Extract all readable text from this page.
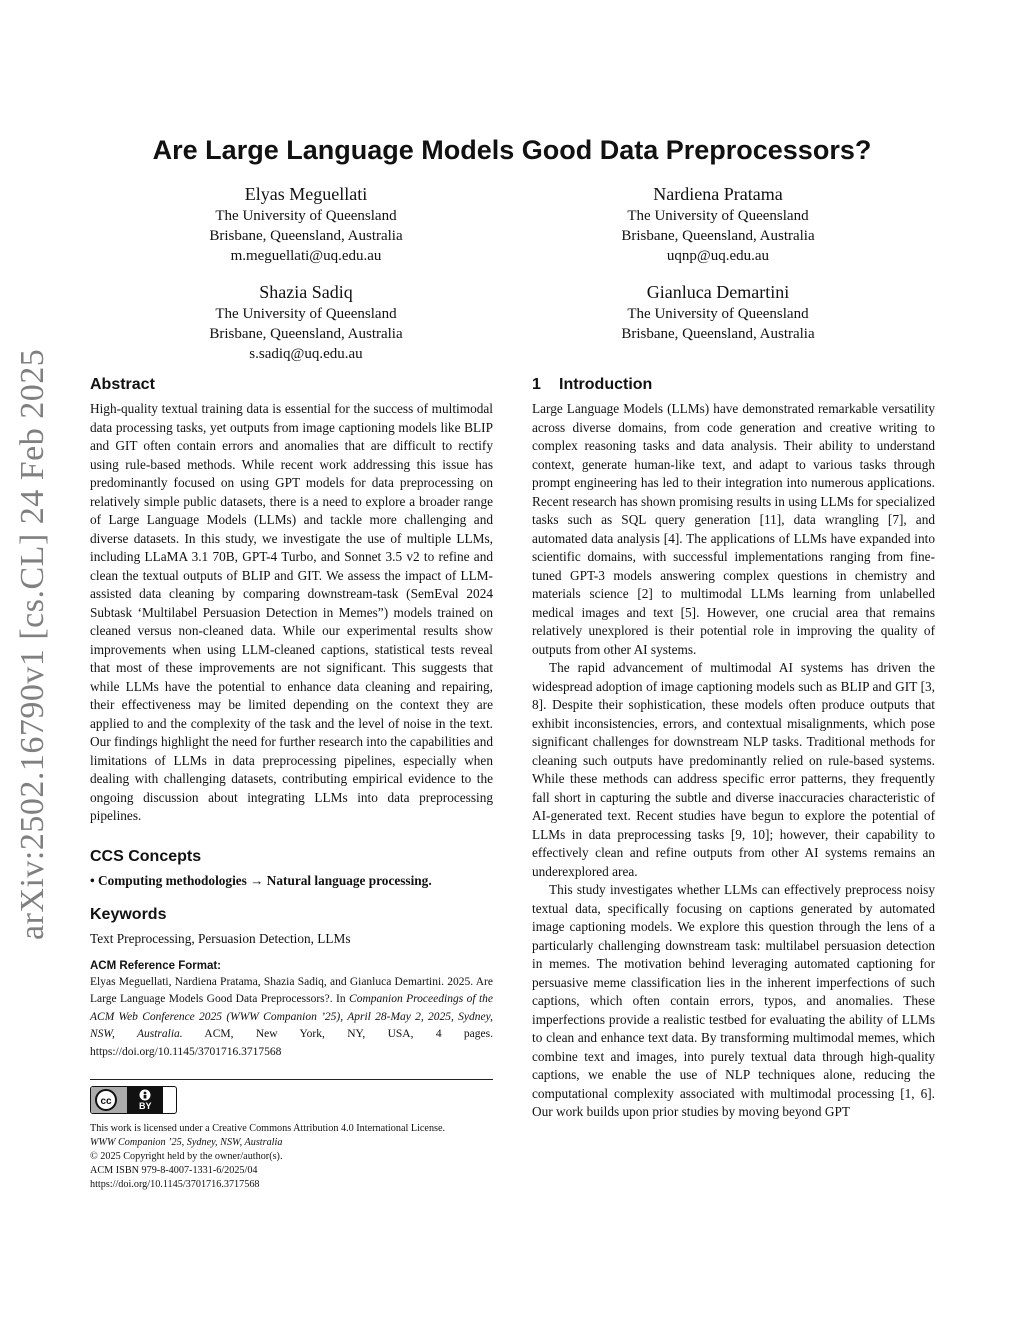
arXiv:2502.16790v1 [cs.CL] 24 Feb 2025
Are Large Language Models Good Data Preprocessors?
Elyas Meguellati
The University of Queensland
Brisbane, Queensland, Australia
m.meguellati@uq.edu.au
Nardiena Pratama
The University of Queensland
Brisbane, Queensland, Australia
uqnp@uq.edu.au
Shazia Sadiq
The University of Queensland
Brisbane, Queensland, Australia
s.sadiq@uq.edu.au
Gianluca Demartini
The University of Queensland
Brisbane, Queensland, Australia
Abstract

High-quality textual training data is essential for the success of multimodal data processing tasks, yet outputs from image captioning models like BLIP and GIT often contain errors and anomalies that are difficult to rectify using rule-based methods. While recent work addressing this issue has predominantly focused on using GPT models for data preprocessing on relatively simple public datasets, there is a need to explore a broader range of Large Language Models (LLMs) and tackle more challenging and diverse datasets. In this study, we investigate the use of multiple LLMs, including LLaMA 3.1 70B, GPT-4 Turbo, and Sonnet 3.5 v2 to refine and clean the textual outputs of BLIP and GIT. We assess the impact of LLM-assisted data cleaning by comparing downstream-task (SemEval 2024 Subtask ‘Multilabel Persuasion Detection in Memes”) models trained on cleaned versus non-cleaned data. While our experimental results show improvements when using LLM-cleaned captions, statistical tests reveal that most of these improvements are not significant. This suggests that while LLMs have the potential to enhance data cleaning and repairing, their effectiveness may be limited depending on the context they are applied to and the complexity of the task and the level of noise in the text. Our findings highlight the need for further research into the capabilities and limitations of LLMs in data preprocessing pipelines, especially when dealing with challenging datasets, contributing empirical evidence to the ongoing discussion about integrating LLMs into data preprocessing pipelines.

CCS Concepts
• Computing methodologies → Natural language processing.
Keywords
Text Preprocessing, Persuasion Detection, LLMs
ACM Reference Format:
Elyas Meguellati, Nardiena Pratama, Shazia Sadiq, and Gianluca Demartini. 2025. Are Large Language Models Good Data Preprocessors?. In Companion Proceedings of the ACM Web Conference 2025 (WWW Companion ’25), April 28-May 2, 2025, Sydney, NSW, Australia. ACM, New York, NY, USA, 4 pages. https://doi.org/10.1145/3701716.3717568
cc	BY
This work is licensed under a Creative Commons Attribution 4.0 International License.
WWW Companion ’25, Sydney, NSW, Australia
© 2025 Copyright held by the owner/author(s).
ACM ISBN 979-8-4007-1331-6/2025/04
https://doi.org/10.1145/3701716.3717568
1 Introduction

Large Language Models (LLMs) have demonstrated remarkable versatility across diverse domains, from code generation and creative writing to complex reasoning tasks and data analysis. Their ability to understand context, generate human-like text, and adapt to various tasks through prompt engineering has led to their integration into numerous applications. Recent research has shown promising results in using LLMs for specialized tasks such as SQL query generation [11], data wrangling [7], and automated data analysis [4]. The applications of LLMs have expanded into scientific domains, with successful implementations ranging from fine-tuned GPT-3 models answering complex questions in chemistry and materials science [2] to multimodal LLMs learning from unlabelled medical images and text [5]. However, one crucial area that remains relatively unexplored is their potential role in improving the quality of outputs from other AI systems.

The rapid advancement of multimodal AI systems has driven the widespread adoption of image captioning models such as BLIP and GIT [3, 8]. Despite their sophistication, these models often produce outputs that exhibit inconsistencies, errors, and contextual misalignments, which pose significant challenges for downstream NLP tasks. Traditional methods for cleaning such outputs have predominantly relied on rule-based systems. While these methods can address specific error patterns, they frequently fall short in capturing the subtle and diverse inaccuracies characteristic of AI-generated text. Recent studies have begun to explore the potential of LLMs in data preprocessing tasks [9, 10]; however, their capability to effectively clean and refine outputs from other AI systems remains an underexplored area.

This study investigates whether LLMs can effectively preprocess noisy textual data, specifically focusing on captions generated by automated image captioning models. We explore this question through the lens of a particularly challenging downstream task: multilabel persuasion detection in memes. The motivation behind leveraging automated captioning for persuasive meme classification lies in the inherent imperfections of such captions, which often contain errors, typos, and anomalies. These imperfections provide a realistic testbed for evaluating the ability of LLMs to clean and enhance text data. By transforming multimodal memes, which combine text and images, into purely textual data through high-quality captions, we enable the use of NLP techniques alone, reducing the computational complexity associated with multimodal processing [1, 6]. Our work builds upon prior studies by moving beyond GPT
